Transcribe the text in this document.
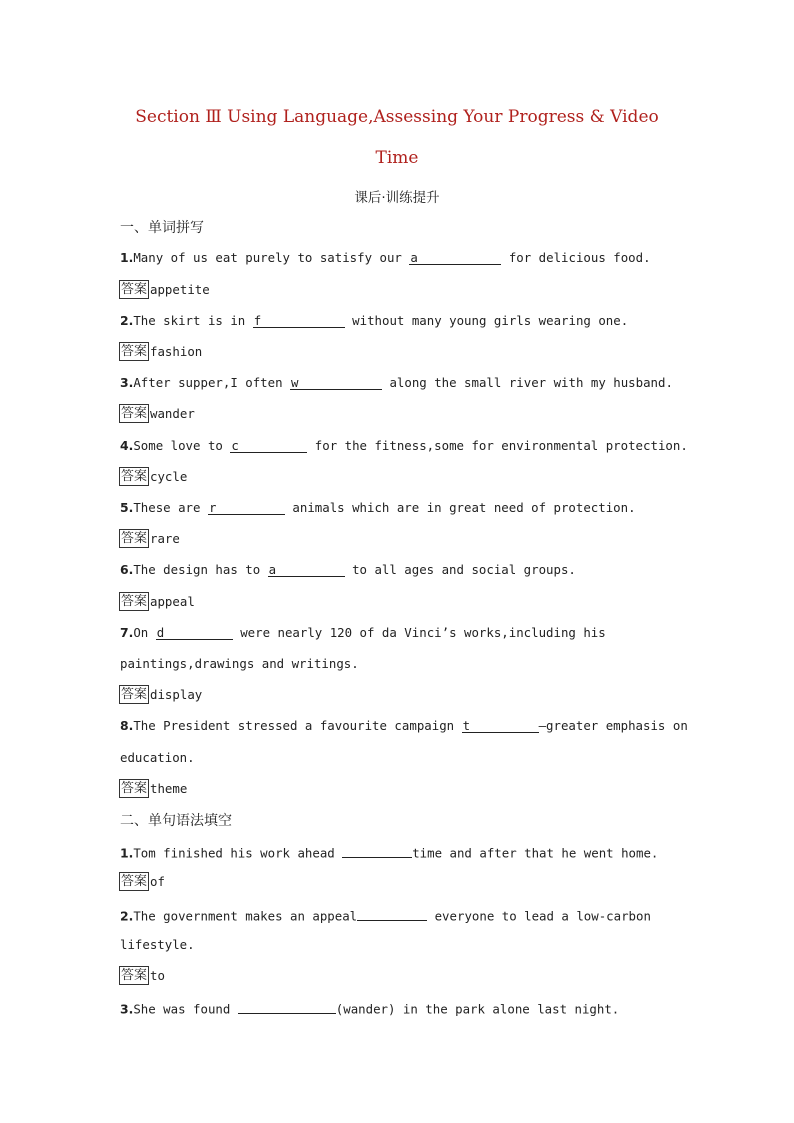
Section Ⅲ Using Language,Assessing Your Progress & Video
Time
课后·训练提升
一、单词拼写
1.Many of us eat purely to satisfy our a	for delicious food.
答案 appetite
2.The skirt is in f	without many young girls wearing one.
答案 fashion
3.After supper,I often w	along the small river with my husband.
答案 wander
4.Some love to c	for the fitness,some for environmental protection.
答案 cycle
5.These are r	animals which are in great need of protection.
答案 rare
6.The design has to a	to all ages and social groups.
答案 appeal
7.On d	were nearly 120 of da Vinci’s works,including his
paintings,drawings and writings.
答案 display
8.The President stressed a favourite campaign t	—greater emphasis on
education.
答案 theme
二、单句语法填空
1.Tom finished his work ahead	time and after that he went home.
答案 of
2.The government makes an appeal	everyone to lead a low-carbon
lifestyle.
答案 to
3.She was found	(wander) in the park alone last night.
